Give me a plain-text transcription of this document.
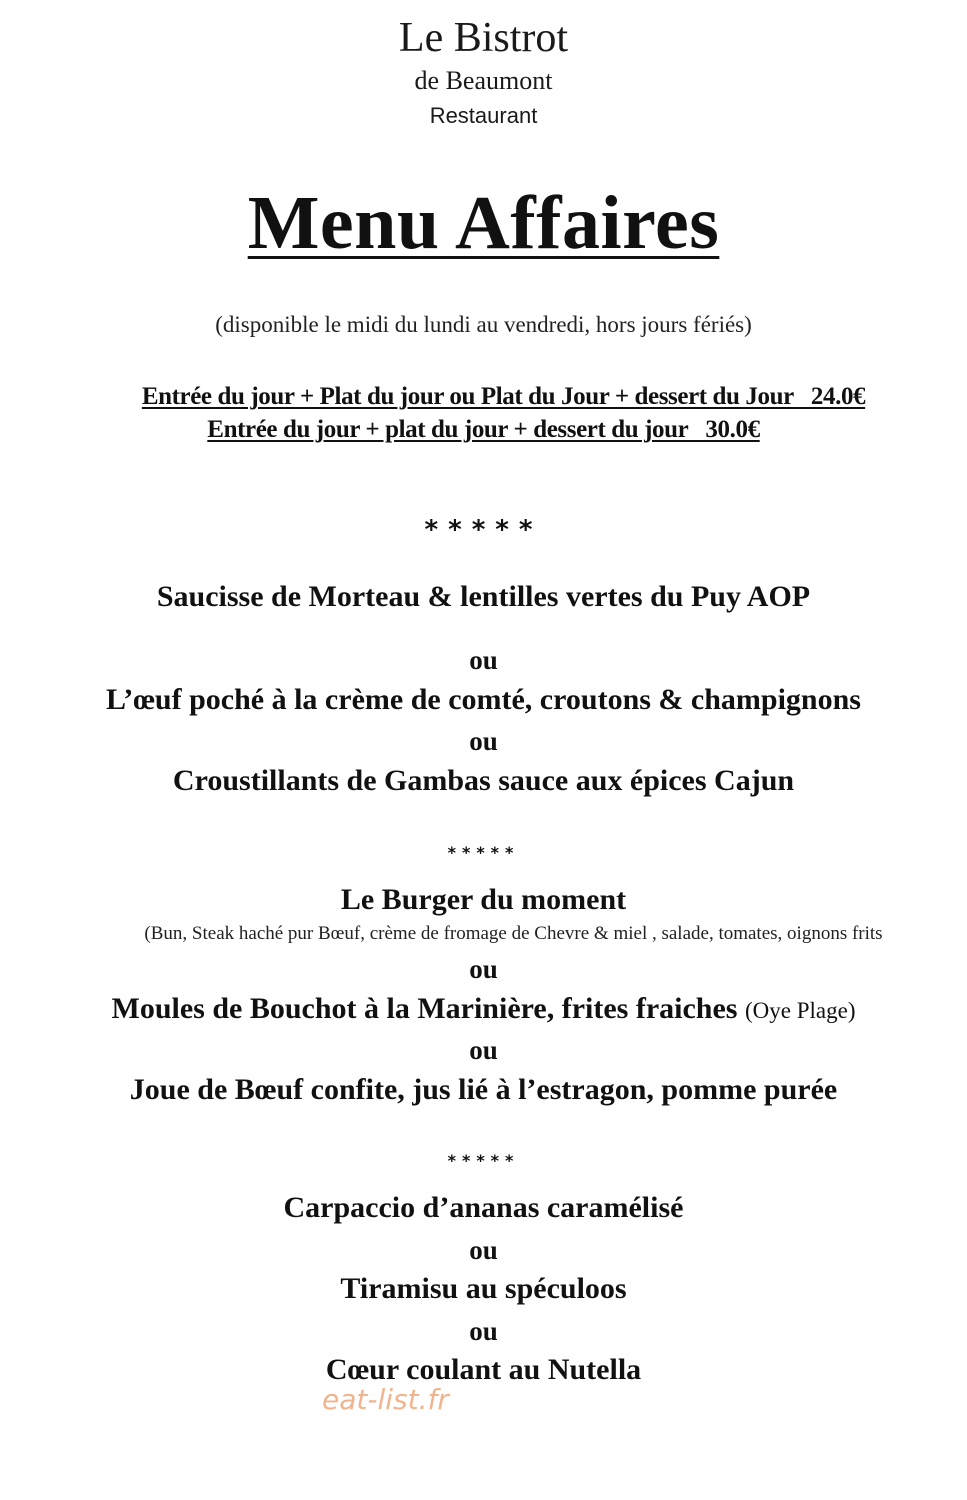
Le Bistrot
de Beaumont
Restaurant
Menu Affaires
(disponible le midi du lundi au vendredi, hors jours fériés)
Entrée du jour + Plat du jour ou Plat du Jour + dessert du Jour   24.0€
Entrée du jour + plat du jour + dessert du jour   30.0€
*****
Saucisse de Morteau & lentilles vertes du Puy AOP
ou
L’œuf poché à la crème de comté, croutons & champignons
ou
Croustillants de Gambas sauce aux épices Cajun
*****
Le Burger du moment
(Bun, Steak haché pur Bœuf, crème de fromage de Chevre & miel , salade, tomates, oignons frits
ou
Moules de Bouchot à la Marinière, frites fraiches (Oye Plage)
ou
Joue de Bœuf confite, jus lié à l’estragon, pomme purée
*****
Carpaccio d’ananas caramélisé
ou
Tiramisu au spéculoos
ou
Cœur coulant au Nutella
eat-list.fr
